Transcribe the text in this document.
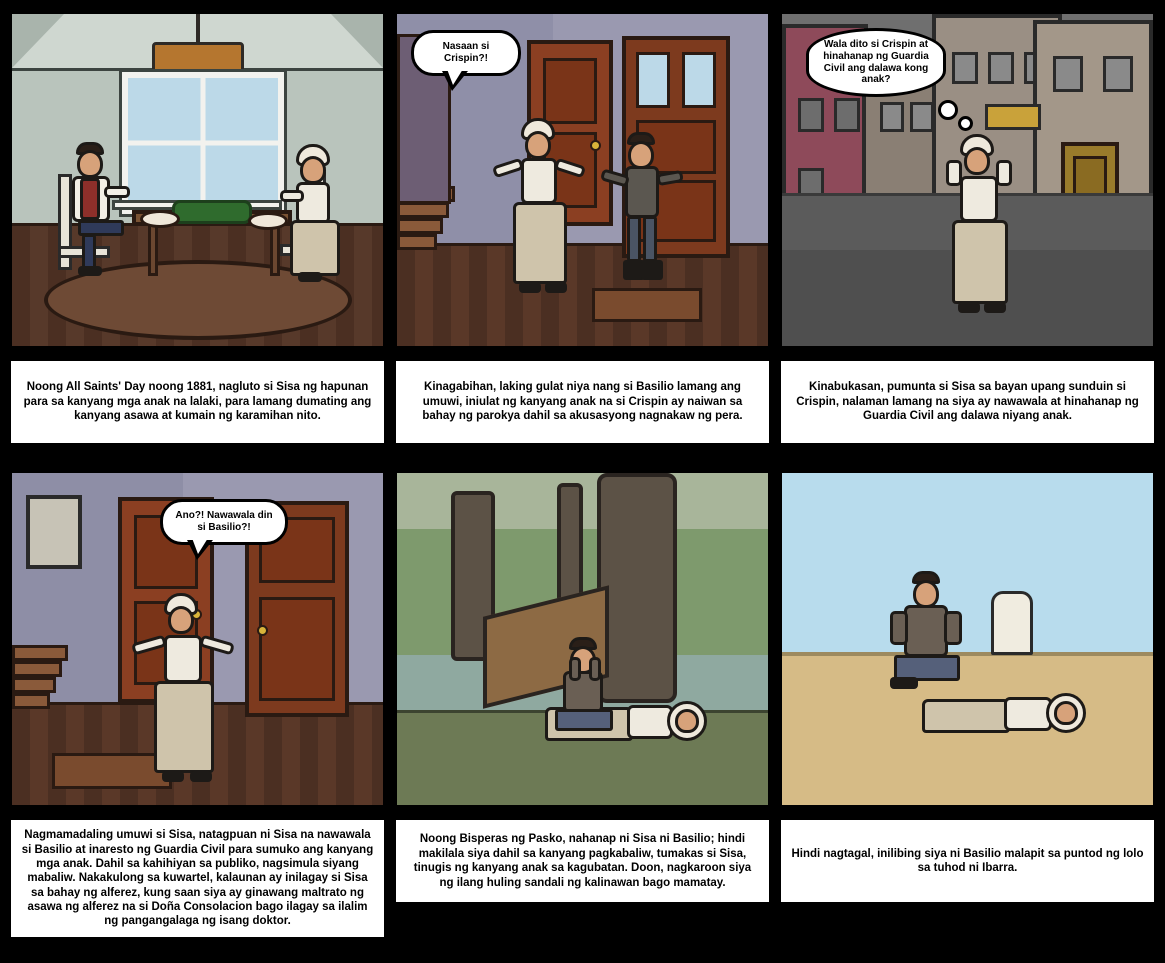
Noong All Saints' Day noong 1881, nagluto si Sisa ng hapunan para sa kanyang mga anak na lalaki, para lamang dumating ang kanyang asawa at kumain ng karamihan nito.
Nasaan si Crispin?!
Kinagabihan, laking gulat niya nang si Basilio lamang ang umuwi, iniulat ng kanyang anak na si Crispin ay naiwan sa bahay ng parokya dahil sa akusasyong nagnakaw ng pera.
Wala dito si Crispin at hinahanap ng Guardia Civil ang dalawa kong anak?
Kinabukasan, pumunta si Sisa sa bayan upang sunduin si Crispin, nalaman lamang na siya ay nawawala at hinahanap ng Guardia Civil ang dalawa niyang anak.
Ano?! Nawawala din si Basilio?!
Nagmamadaling umuwi si Sisa, natagpuan ni Sisa na nawawala si Basilio at inaresto ng Guardia Civil para sumuko ang kanyang mga anak. Dahil sa kahihiyan sa publiko, nagsimula siyang mabaliw. Nakakulong sa kuwartel, kalaunan ay inilagay si Sisa sa bahay ng alferez, kung saan siya ay ginawang maltrato ng asawa ng alferez na si Doña Consolacion bago ilagay sa ilalim ng pangangalaga ng isang doktor.
Noong Bisperas ng Pasko, nahanap ni Sisa ni Basilio; hindi makilala siya dahil sa kanyang pagkabaliw, tumakas si Sisa, tinugis ng kanyang anak sa kagubatan. Doon, nagkaroon siya ng ilang huling sandali ng kalinawan bago mamatay.
Hindi nagtagal, inilibing siya ni Basilio malapit sa puntod ng lolo sa tuhod ni Ibarra.
